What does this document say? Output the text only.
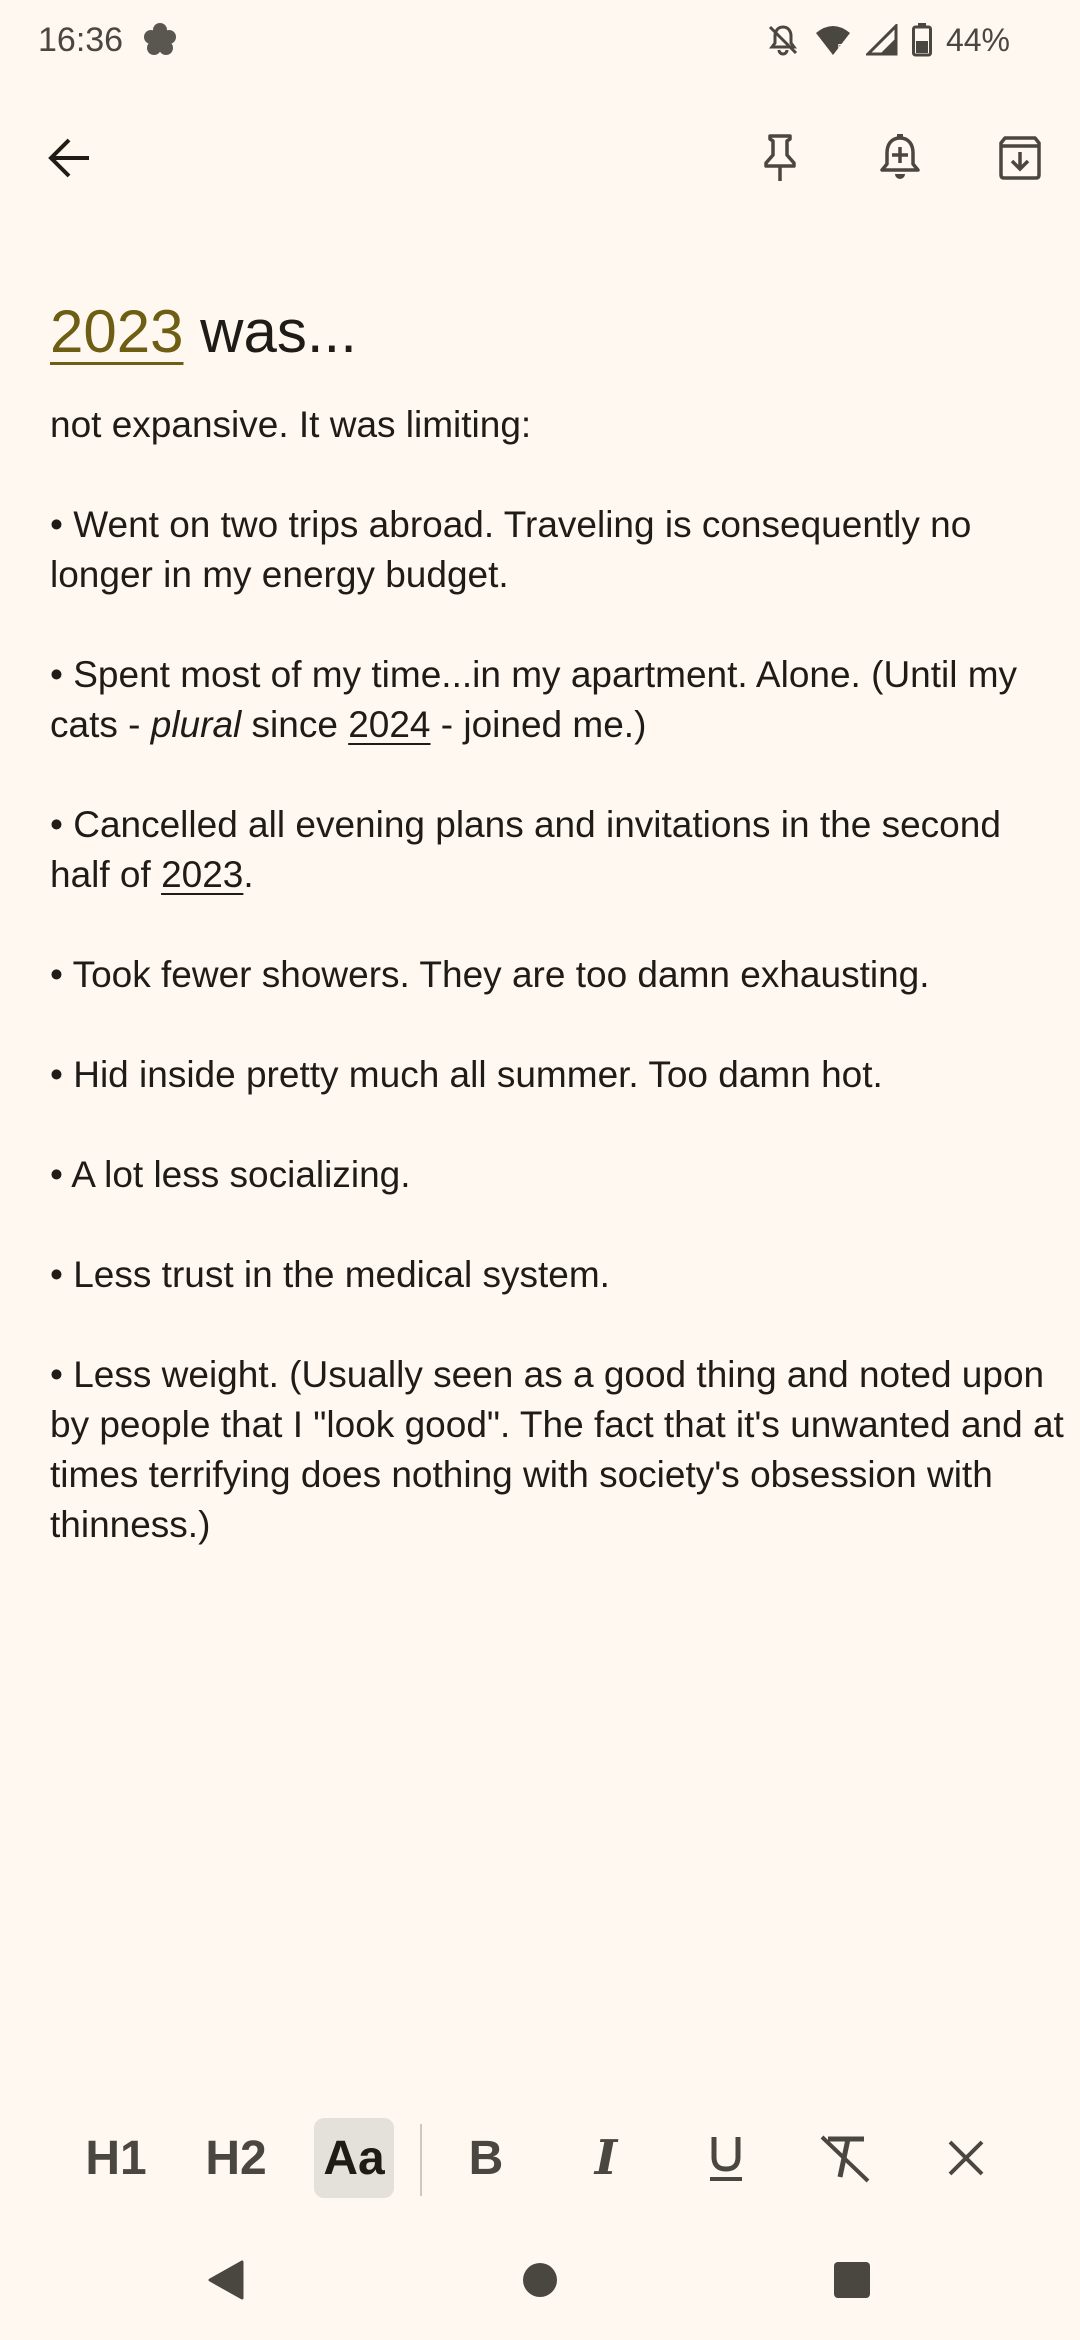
16:36	5	44%
2023 was...

not expansive. It was limiting:

• Went on two trips abroad. Traveling is consequently no longer in my energy budget.

• Spent most of my time...in my apartment. Alone. (Until my cats - plural since 2024 - joined me.)

• Cancelled all evening plans and invitations in the second half of 2023.

• Took fewer showers. They are too damn exhausting.

• Hid inside pretty much all summer. Too damn hot.

• A lot less socializing.

• Less trust in the medical system.

• Less weight. (Usually seen as a good thing and noted upon by people that I "look good". The fact that it's unwanted and at times terrifying does nothing with society's obsession with thinness.)

H1 H2 Aa	B	I
